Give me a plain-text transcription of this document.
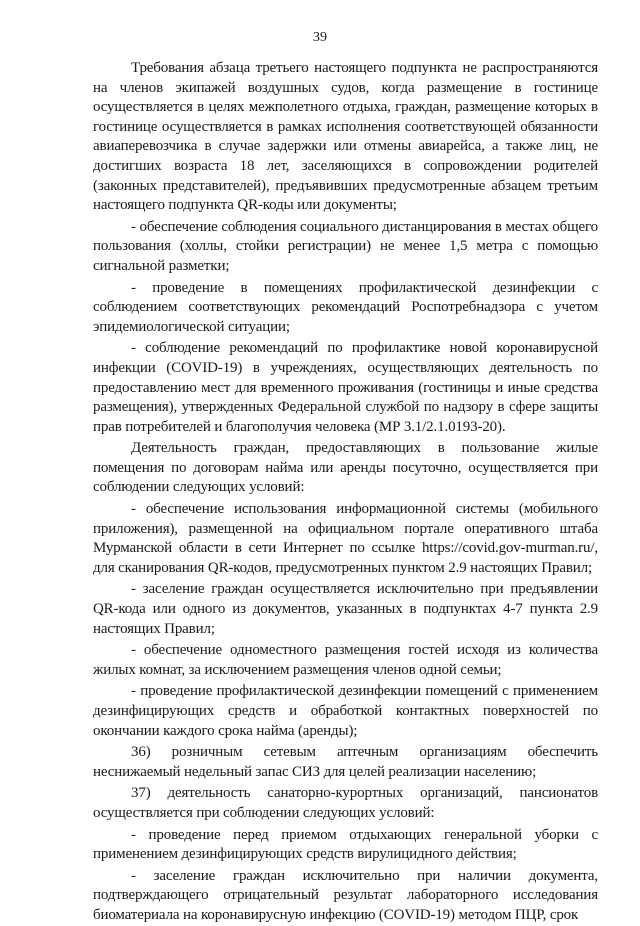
39

Требования абзаца третьего настоящего подпункта не распространяются на членов экипажей воздушных судов, когда размещение в гостинице осуществляется в целях межполетного отдыха, граждан, размещение которых в гостинице осуществляется в рамках исполнения соответствующей обязанности авиаперевозчика в случае задержки или отмены авиарейса, а также лиц, не достигших возраста 18 лет, заселяющихся в сопровождении родителей (законных представителей), предъявивших предусмотренные абзацем третьим настоящего подпункта QR-коды или документы;

- обеспечение соблюдения социального дистанцирования в местах общего пользования (холлы, стойки регистрации) не менее 1,5 метра с помощью сигнальной разметки;

- проведение в помещениях профилактической дезинфекции с соблюдением соответствующих рекомендаций Роспотребнадзора с учетом эпидемиологической ситуации;

- соблюдение рекомендаций по профилактике новой коронавирусной инфекции (COVID-19) в учреждениях, осуществляющих деятельность по предоставлению мест для временного проживания (гостиницы и иные средства размещения), утвержденных Федеральной службой по надзору в сфере защиты прав потребителей и благополучия человека (МР 3.1/2.1.0193-20).

Деятельность граждан, предоставляющих в пользование жилые помещения по договорам найма или аренды посуточно, осуществляется при соблюдении следующих условий:

- обеспечение использования информационной системы (мобильного приложения), размещенной на официальном портале оперативного штаба Мурманской области в сети Интернет по ссылке https://covid.gov-murman.ru/, для сканирования QR-кодов, предусмотренных пунктом 2.9 настоящих Правил;

- заселение граждан осуществляется исключительно при предъявлении QR-кода или одного из документов, указанных в подпунктах 4-7 пункта 2.9 настоящих Правил;

- обеспечение одноместного размещения гостей исходя из количества жилых комнат, за исключением размещения членов одной семьи;

- проведение профилактической дезинфекции помещений с применением дезинфицирующих средств и обработкой контактных поверхностей по окончании каждого срока найма (аренды);

36) розничным сетевым аптечным организациям обеспечить неснижаемый недельный запас СИЗ для целей реализации населению;

37) деятельность санаторно-курортных организаций, пансионатов осуществляется при соблюдении следующих условий:

- проведение перед приемом отдыхающих генеральной уборки с применением дезинфицирующих средств вирулицидного действия;

- заселение граждан исключительно при наличии документа, подтверждающего отрицательный результат лабораторного исследования биоматериала на коронавирусную инфекцию (COVID-19) методом ПЦР, срок
